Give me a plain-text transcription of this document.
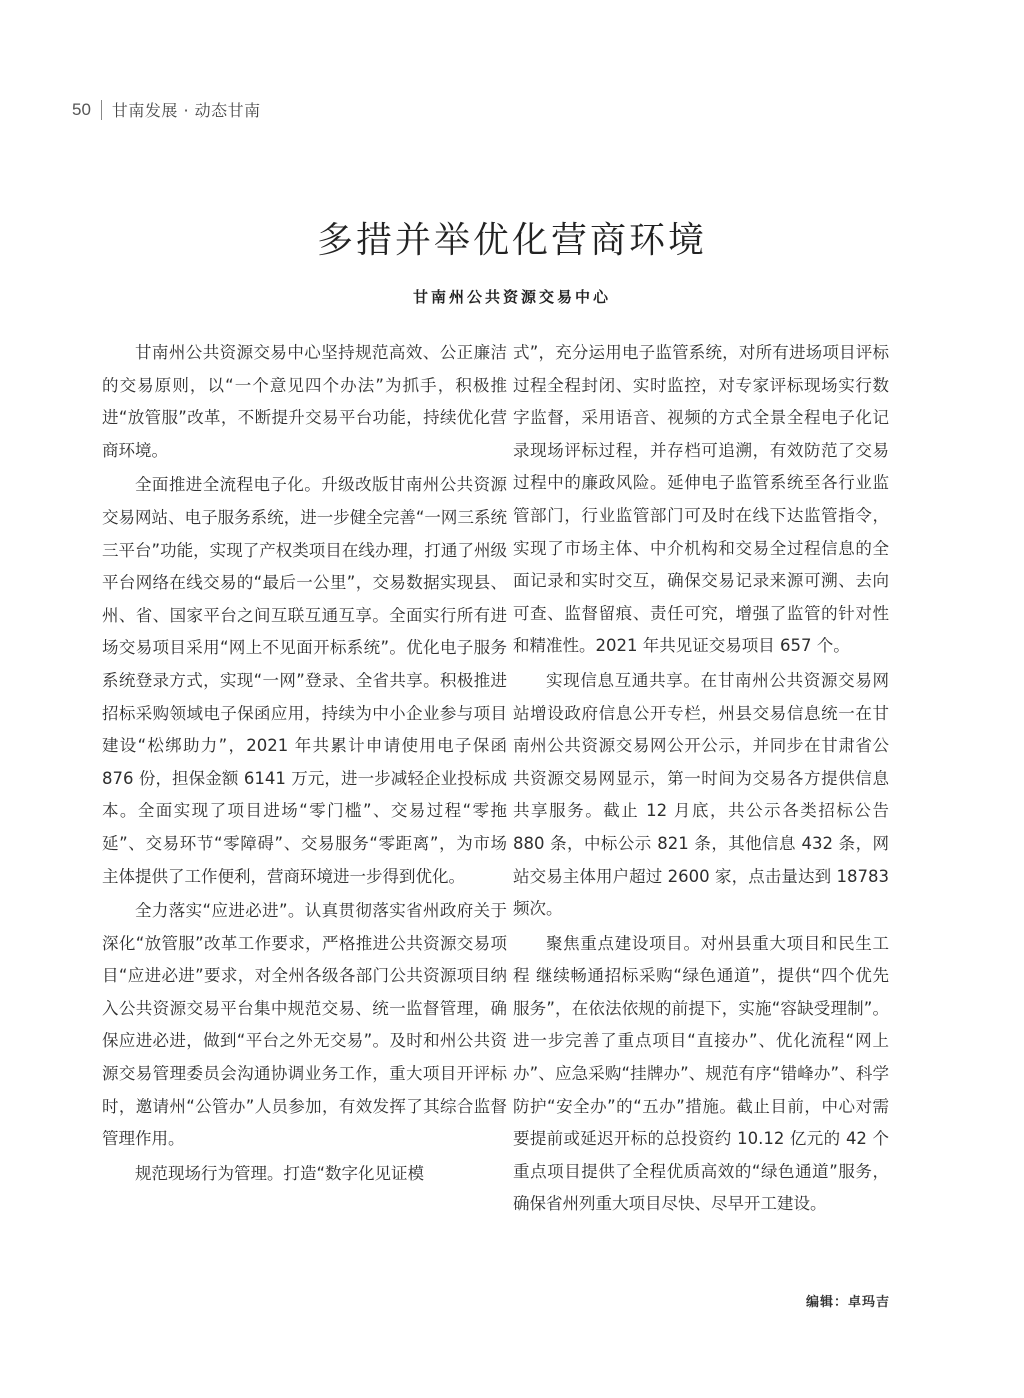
50 甘南发展 · 动态甘南
多措并举优化营商环境
甘南州公共资源交易中心

甘南州公共资源交易中心坚持规范高效、公正廉洁的交易原则，以“一个意见四个办法”为抓手，积极推进“放管服”改革，不断提升交易平台功能，持续优化营商环境。

全面推进全流程电子化。升级改版甘南州公共资源交易网站、电子服务系统，进一步健全完善“一网三系统三平台”功能，实现了产权类项目在线办理，打通了州级平台网络在线交易的“最后一公里”，交易数据实现县、州、省、国家平台之间互联互通互享。全面实行所有进场交易项目采用“网上不见面开标系统”。优化电子服务系统登录方式，实现“一网”登录、全省共享。积极推进招标采购领域电子保函应用，持续为中小企业参与项目建设“松绑助力”，2021 年共累计申请使用电子保函 876 份，担保金额 6141 万元，进一步减轻企业投标成本。全面实现了项目进场“零门槛”、交易过程“零拖延”、交易环节“零障碍”、交易服务“零距离”，为市场主体提供了工作便利，营商环境进一步得到优化。

全力落实“应进必进”。认真贯彻落实省州政府关于深化“放管服”改革工作要求，严格推进公共资源交易项目“应进必进”要求，对全州各级各部门公共资源项目纳入公共资源交易平台集中规范交易、统一监督管理，确保应进必进，做到“平台之外无交易”。及时和州公共资源交易管理委员会沟通协调业务工作，重大项目开评标时，邀请州“公管办”人员参加，有效发挥了其综合监督管理作用。

规范现场行为管理。打造“数字化见证模

式”，充分运用电子监管系统，对所有进场项目评标过程全程封闭、实时监控，对专家评标现场实行数字监督，采用语音、视频的方式全景全程电子化记录现场评标过程，并存档可追溯，有效防范了交易过程中的廉政风险。延伸电子监管系统至各行业监管部门，行业监管部门可及时在线下达监管指令，实现了市场主体、中介机构和交易全过程信息的全面记录和实时交互，确保交易记录来源可溯、去向可查、监督留痕、责任可究，增强了监管的针对性和精准性。2021 年共见证交易项目 657 个。

实现信息互通共享。在甘南州公共资源交易网站增设政府信息公开专栏，州县交易信息统一在甘南州公共资源交易网公开公示，并同步在甘肃省公共资源交易网显示，第一时间为交易各方提供信息共享服务。截止 12 月底，共公示各类招标公告 880 条，中标公示 821 条，其他信息 432 条，网站交易主体用户超过 2600 家，点击量达到 18783 频次。

聚焦重点建设项目。对州县重大项目和民生工程 继续畅通招标采购“绿色通道”，提供“四个优先服务”，在依法依规的前提下，实施“容缺受理制”。进一步完善了重点项目“直接办”、优化流程“网上办”、应急采购“挂牌办”、规范有序“错峰办”、科学防护“安全办”的“五办”措施。截止目前，中心对需要提前或延迟开标的总投资约 10.12 亿元的 42 个重点项目提供了全程优质高效的“绿色通道”服务，确保省州列重大项目尽快、尽早开工建设。

编辑：卓玛吉
